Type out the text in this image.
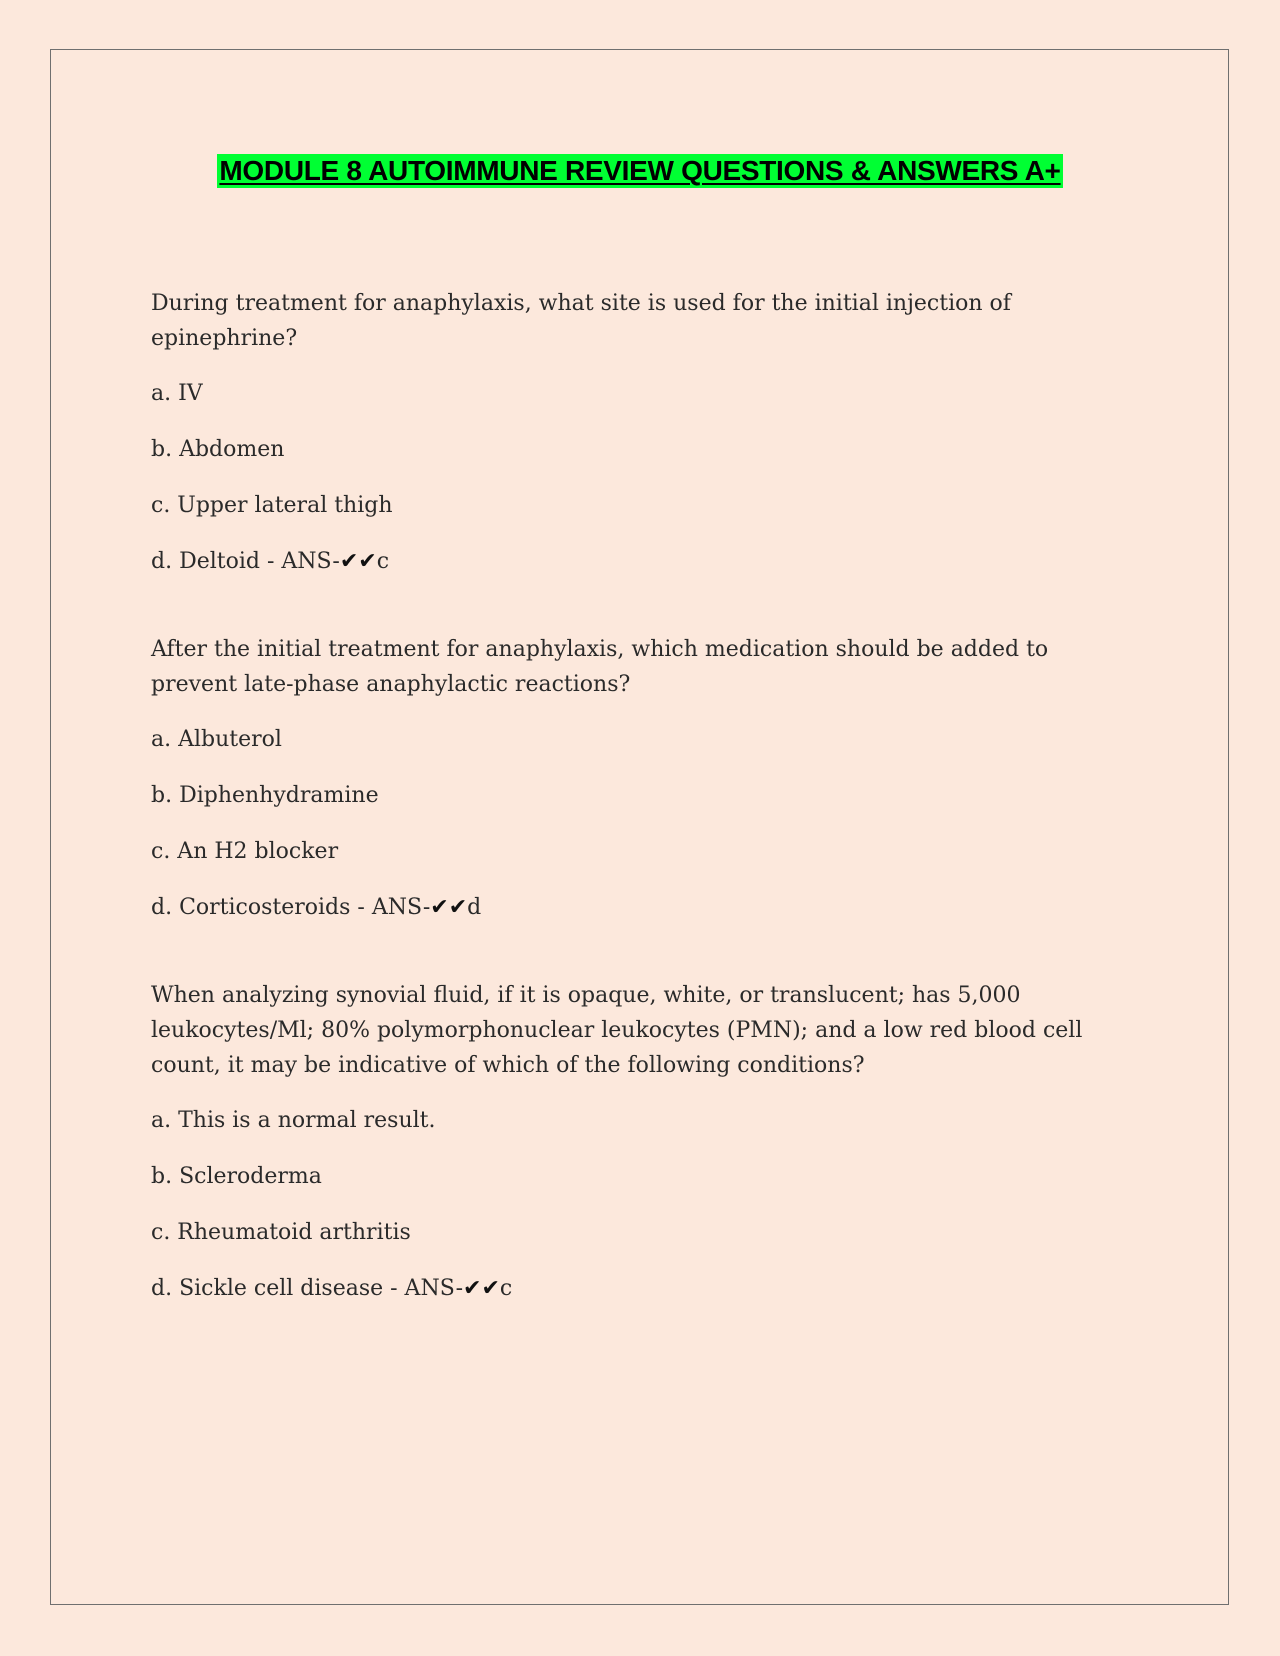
MODULE 8 AUTOIMMUNE REVIEW QUESTIONS & ANSWERS A+
During treatment for anaphylaxis, what site is used for the initial injection of epinephrine?
a. IV
b. Abdomen
c. Upper lateral thigh
d. Deltoid - ANS-✔✔c
After the initial treatment for anaphylaxis, which medication should be added to prevent late-phase anaphylactic reactions?
a. Albuterol
b. Diphenhydramine
c. An H2 blocker
d. Corticosteroids - ANS-✔✔d
When analyzing synovial fluid, if it is opaque, white, or translucent; has 5,000 leukocytes/Ml; 80% polymorphonuclear leukocytes (PMN); and a low red blood cell count, it may be indicative of which of the following conditions?
a. This is a normal result.
b. Scleroderma
c. Rheumatoid arthritis
d. Sickle cell disease - ANS-✔✔c
